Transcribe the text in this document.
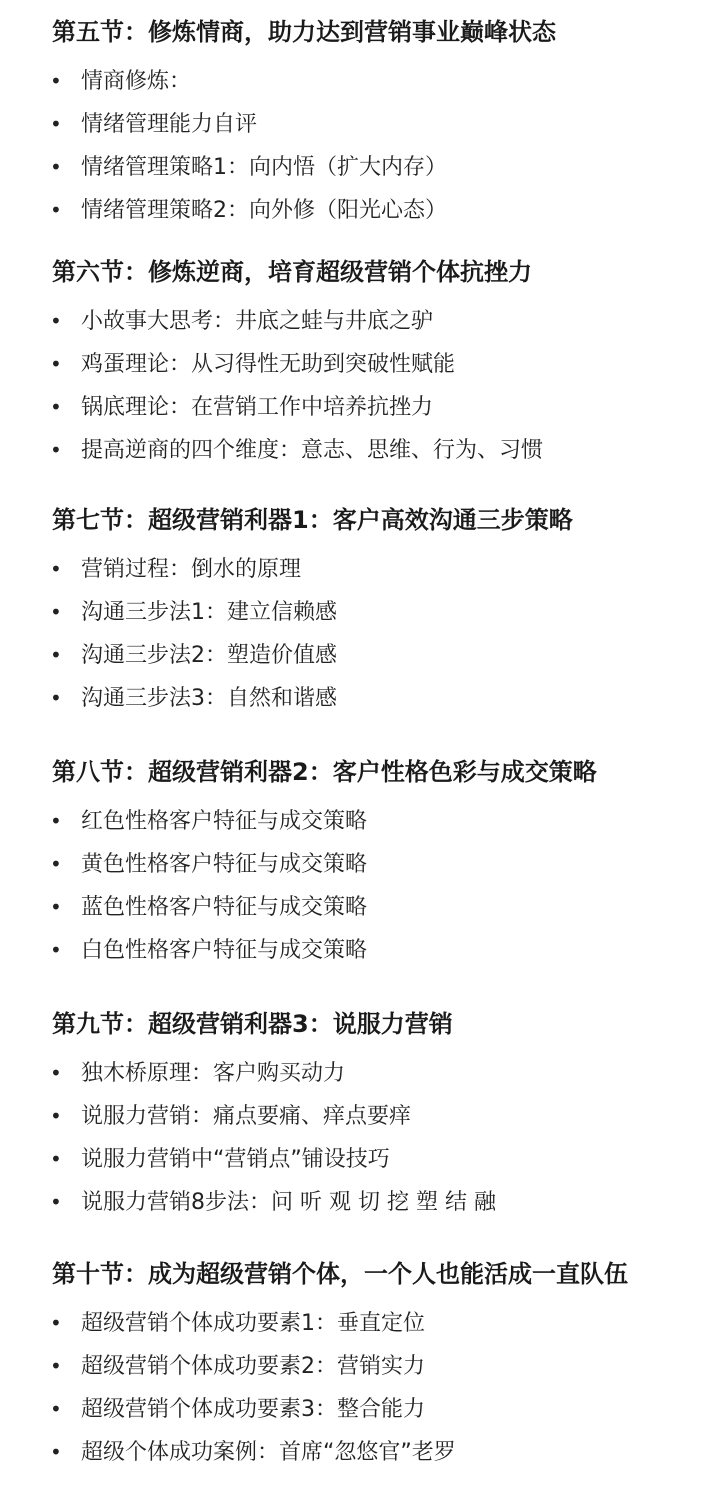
第五节：修炼情商，助力达到营销事业巅峰状态
• 情商修炼：
• 情绪管理能力自评
• 情绪管理策略1：向内悟（扩大内存）
• 情绪管理策略2：向外修（阳光心态）
第六节：修炼逆商，培育超级营销个体抗挫力
• 小故事大思考：井底之蛙与井底之驴
• 鸡蛋理论：从习得性无助到突破性赋能
• 锅底理论：在营销工作中培养抗挫力
• 提高逆商的四个维度：意志、思维、行为、习惯
第七节：超级营销利器1：客户高效沟通三步策略
• 营销过程：倒水的原理
• 沟通三步法1：建立信赖感
• 沟通三步法2：塑造价值感
• 沟通三步法3：自然和谐感
第八节：超级营销利器2：客户性格色彩与成交策略
• 红色性格客户特征与成交策略
• 黄色性格客户特征与成交策略
• 蓝色性格客户特征与成交策略
• 白色性格客户特征与成交策略
第九节：超级营销利器3：说服力营销
• 独木桥原理：客户购买动力
• 说服力营销：痛点要痛、痒点要痒
• 说服力营销中“营销点”铺设技巧
• 说服力营销8步法：问 听 观 切 挖 塑 结 融
第十节：成为超级营销个体，一个人也能活成一直队伍
• 超级营销个体成功要素1：垂直定位
• 超级营销个体成功要素2：营销实力
• 超级营销个体成功要素3：整合能力
• 超级个体成功案例：首席“忽悠官”老罗
